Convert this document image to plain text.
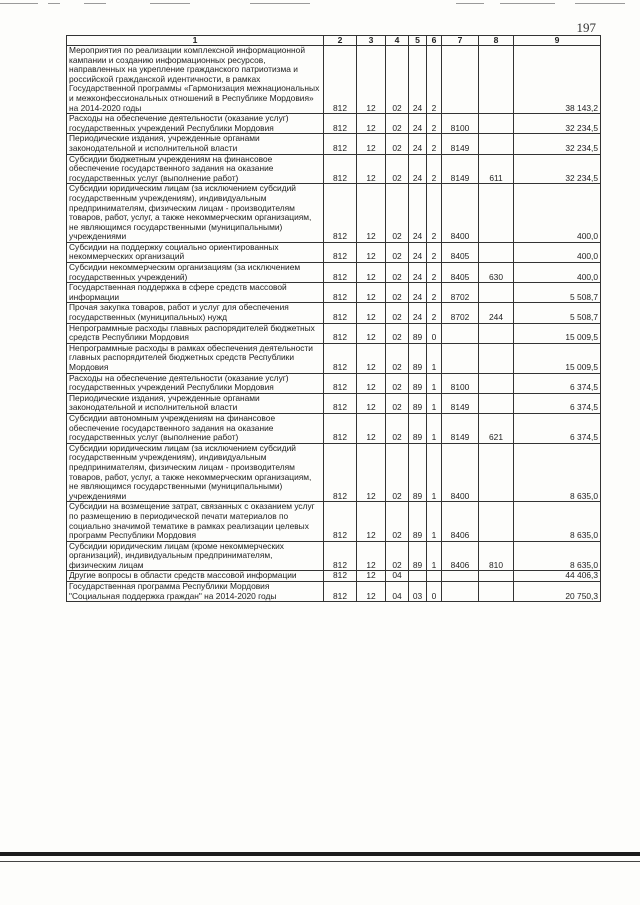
197
1	2	3	4	5	6	7	8	9
Мероприятия по реализации комплексной информационной кампании и созданию информационных ресурсов, направленных на укрепление гражданского патриотизма и российской гражданской идентичности, в рамках Государственной программы «Гармонизация межнациональных и межконфессиональных отношений в Республике Мордовия» на 2014-2020 годы	812	12	02	24	2			38 143,2
Расходы на обеспечение деятельности (оказание услуг) государственных учреждений Республики Мордовия	812	12	02	24	2	8100		32 234,5
Периодические издания, учрежденные органами законодательной и исполнительной власти	812	12	02	24	2	8149		32 234,5
Субсидии бюджетным учреждениям на финансовое обеспечение государственного задания на оказание государственных услуг (выполнение работ)	812	12	02	24	2	8149	611	32 234,5
Субсидии юридическим лицам (за исключением субсидий государственным учреждениям), индивидуальным предпринимателям, физическим лицам - производителям товаров, работ, услуг, а также некоммерческим организациям, не являющимся государственными (муниципальными) учреждениями	812	12	02	24	2	8400		400,0
Субсидии на поддержку социально ориентированных некоммерческих организаций	812	12	02	24	2	8405		400,0
Субсидии некоммерческим организациям (за исключением государственных учреждений)	812	12	02	24	2	8405	630	400,0
Государственная поддержка в сфере средств массовой информации	812	12	02	24	2	8702		5 508,7
Прочая закупка товаров, работ и услуг для обеспечения государственных (муниципальных) нужд	812	12	02	24	2	8702	244	5 508,7
Непрограммные расходы главных распорядителей бюджетных средств Республики Мордовия	812	12	02	89	0			15 009,5
Непрограммные расходы в рамках обеспечения деятельности главных распорядителей бюджетных средств Республики Мордовия	812	12	02	89	1			15 009,5
Расходы на обеспечение деятельности (оказание услуг) государственных учреждений Республики Мордовия	812	12	02	89	1	8100		6 374,5
Периодические издания, учрежденные органами законодательной и исполнительной власти	812	12	02	89	1	8149		6 374,5
Субсидии автономным учреждениям на финансовое обеспечение государственного задания на оказание государственных услуг (выполнение работ)	812	12	02	89	1	8149	621	6 374,5
Субсидии юридическим лицам (за исключением субсидий государственным учреждениям), индивидуальным предпринимателям, физическим лицам - производителям товаров, работ, услуг, а также некоммерческим организациям, не являющимся государственными (муниципальными) учреждениями	812	12	02	89	1	8400		8 635,0
Субсидии на возмещение затрат, связанных с оказанием услуг по размещению в периодической печати материалов по социально значимой тематике в рамках реализации целевых программ Республики Мордовия	812	12	02	89	1	8406		8 635,0
Субсидии юридическим лицам (кроме некоммерческих организаций), индивидуальным предпринимателям, физическим лицам	812	12	02	89	1	8406	810	8 635,0
Другие вопросы в области средств массовой информации	812	12	04					44 406,3
Государственная программа Республики Мордовия "Социальная поддержка граждан" на 2014-2020 годы	812	12	04	03	0			20 750,3
